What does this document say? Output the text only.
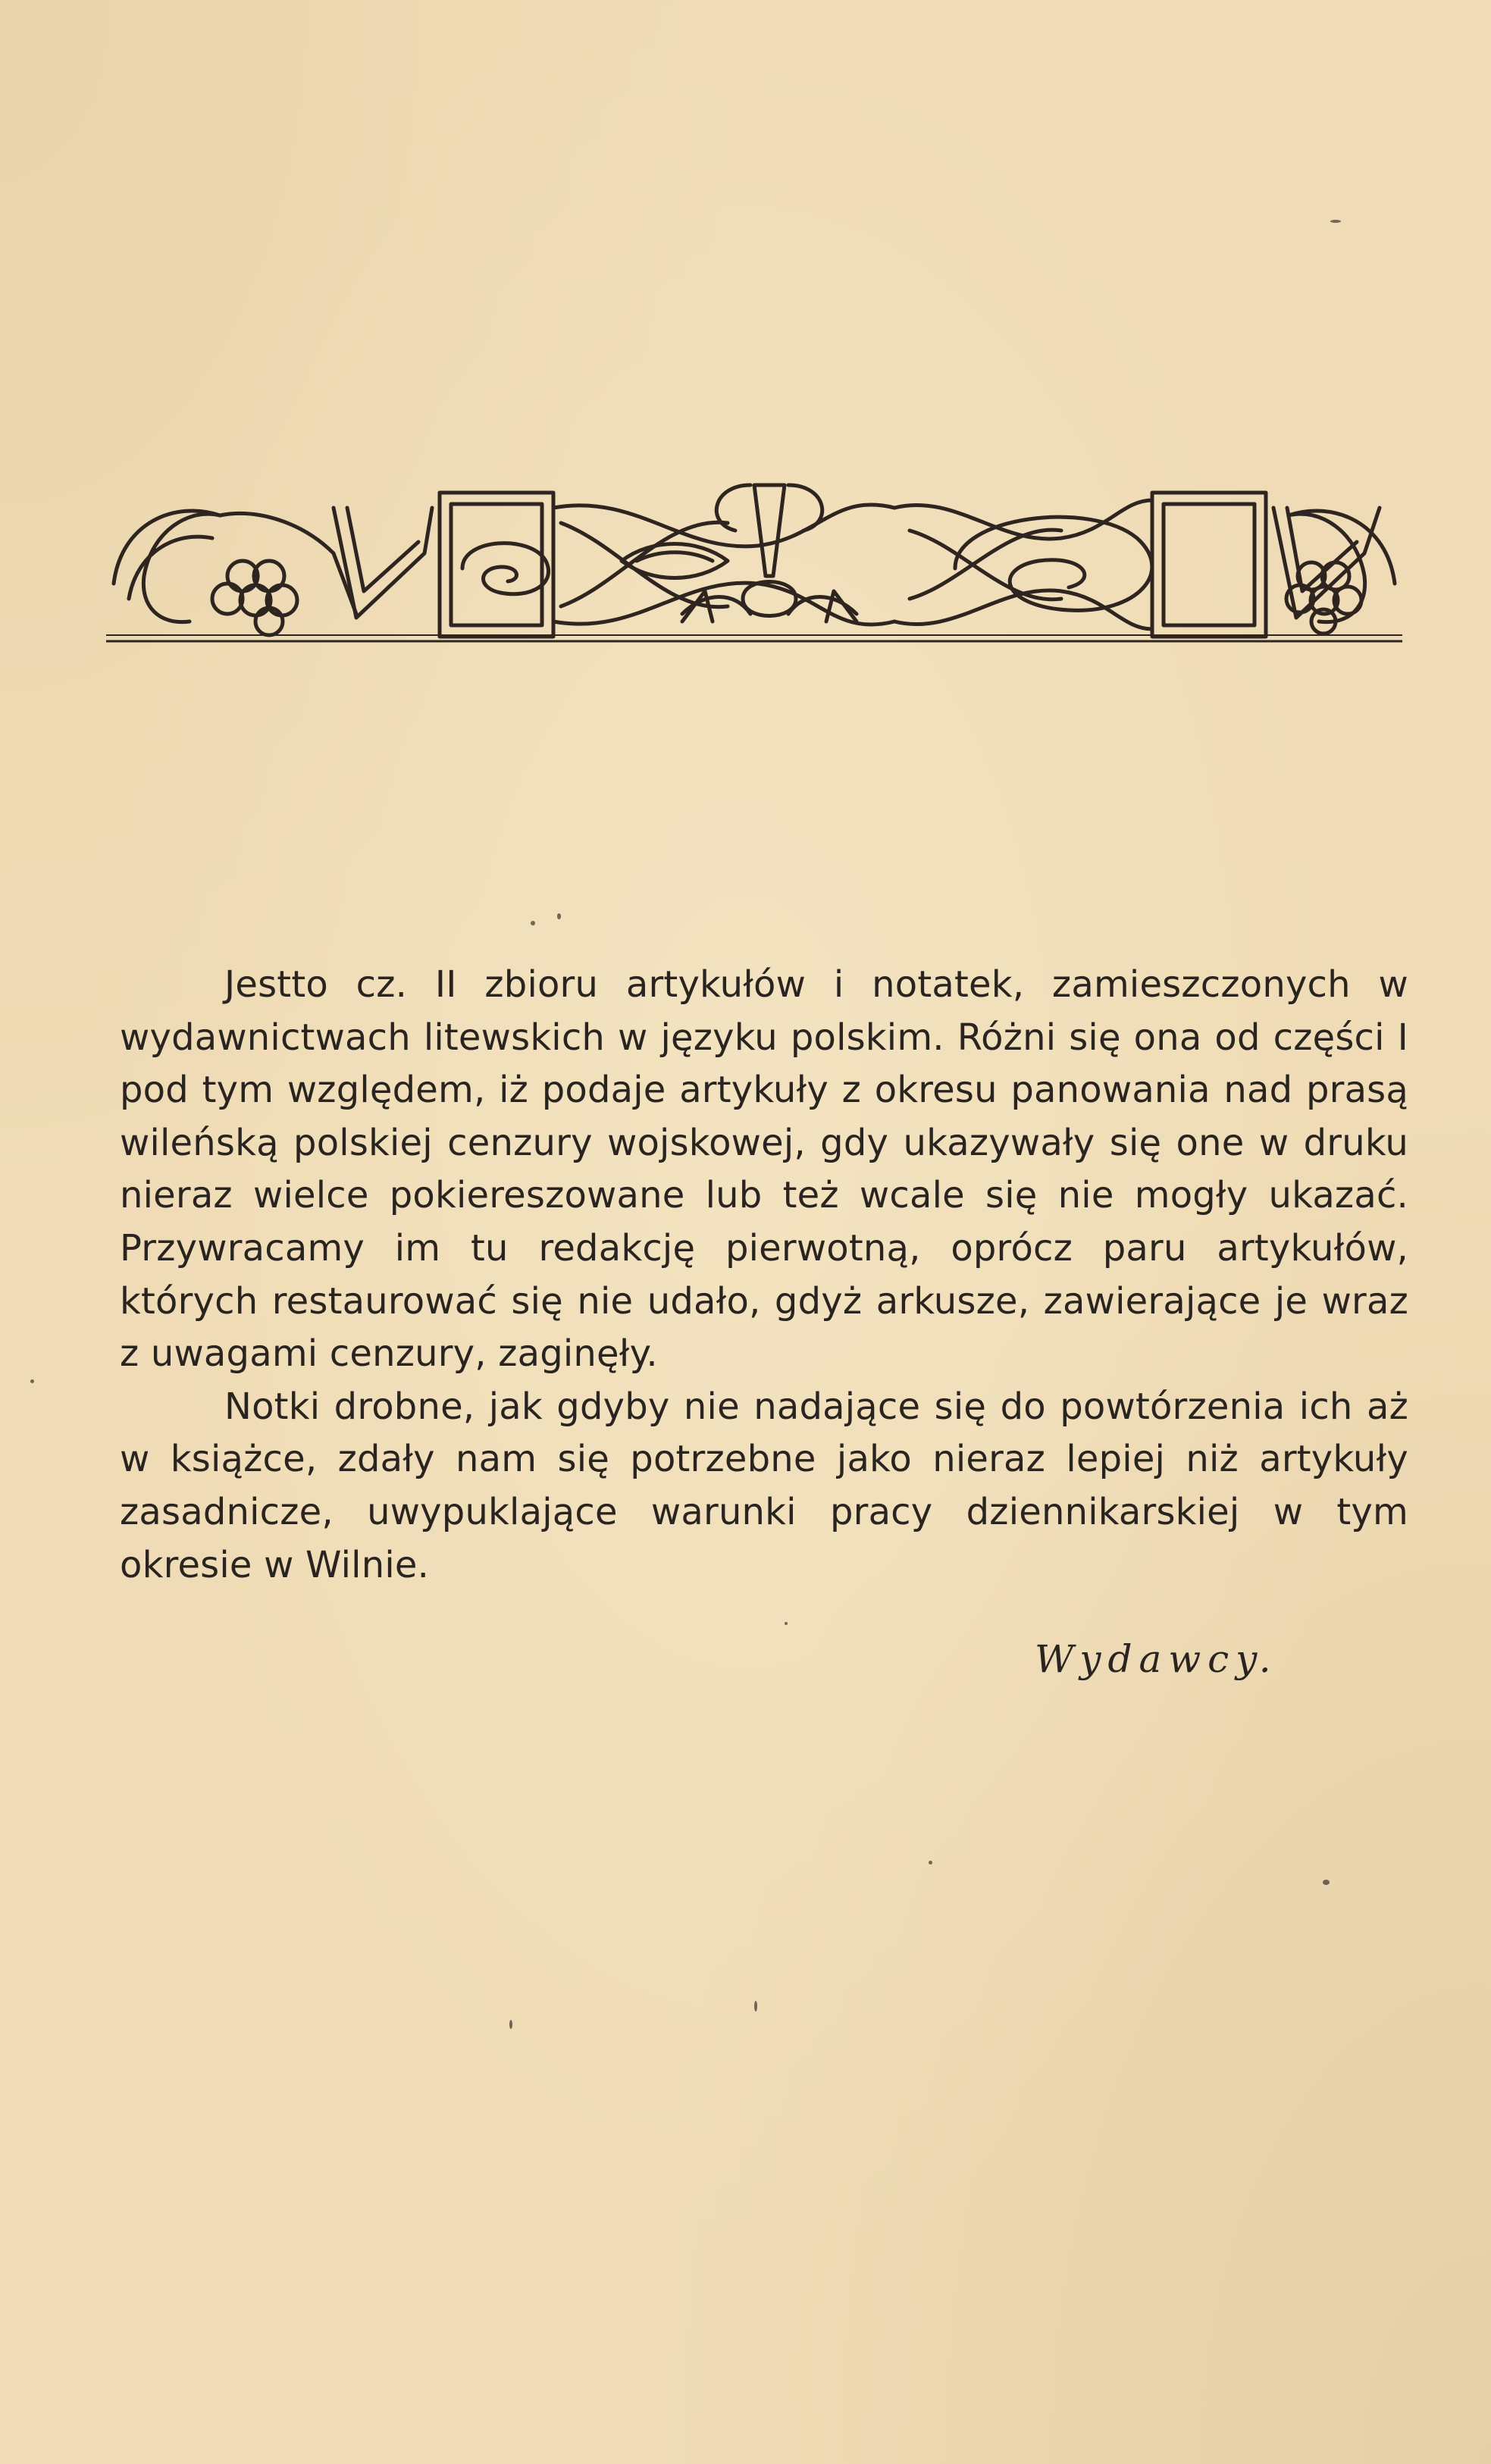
Jestto cz. II zbioru artykułów i notatek, zamieszczonych w wydawnictwach litewskich w języku polskim. Różni się ona od części I pod tym względem, iż podaje artykuły z okresu panowania nad prasą wileńską polskiej cenzury wojskowej, gdy ukazywały się one w druku nieraz wielce pokiereszowane lub też wcale się nie mogły ukazać. Przywracamy im tu redakcję pierwotną, oprócz paru artykułów, których restaurować się nie udało, gdyż arkusze, zawierające je wraz z uwagami cenzury, zaginęły.

Notki drobne, jak gdyby nie nadające się do powtórzenia ich aż w książce, zdały nam się potrzebne jako nieraz lepiej niż artykuły zasadnicze, uwypuklające warunki pracy dziennikarskiej w tym okresie w Wilnie.

Wydawcy.
